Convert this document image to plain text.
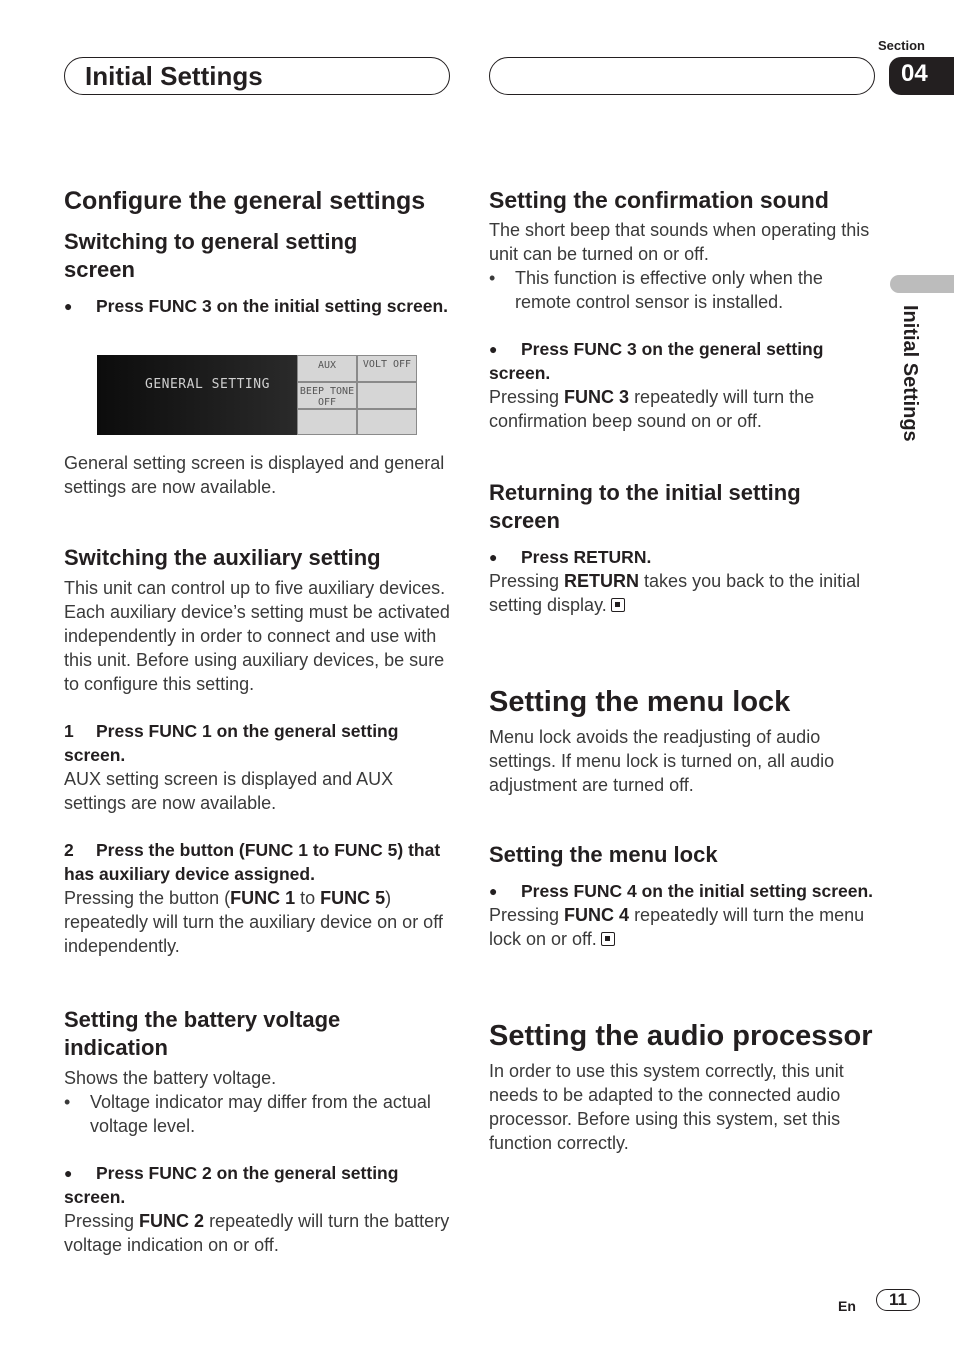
Initial Settings
Section
04
Initial Settings
Configure the general settings
Switching to general setting screen

● Press FUNC 3 on the initial setting screen.

GENERAL SETTING
AUX	VOLT OFF
BEEP TONE OFF

General setting screen is displayed and general settings are now available.

Switching the auxiliary setting

This unit can control up to five auxiliary devices. Each auxiliary device’s setting must be activated independently in order to connect and use with this unit. Before using auxiliary devices, be sure to configure this setting.

1 Press FUNC 1 on the general setting screen.

AUX setting screen is displayed and AUX settings are now available.

2 Press the button (FUNC 1 to FUNC 5) that has auxiliary device assigned.

Pressing the button (FUNC 1 to FUNC 5) repeatedly will turn the auxiliary device on or off independently.

Setting the battery voltage indication

Shows the battery voltage.

•	Voltage indicator may differ from the actual voltage level.

● Press FUNC 2 on the general setting screen.

Pressing FUNC 2 repeatedly will turn the battery voltage indication on or off.

Setting the confirmation sound

The short beep that sounds when operating this unit can be turned on or off.

•	This function is effective only when the remote control sensor is installed.

● Press FUNC 3 on the general setting screen.

Pressing FUNC 3 repeatedly will turn the confirmation beep sound on or off.

Returning to the initial setting screen

● Press RETURN.

Pressing RETURN takes you back to the initial setting display.

Setting the menu lock

Menu lock avoids the readjusting of audio settings. If menu lock is turned on, all audio adjustment are turned off.

Setting the menu lock

● Press FUNC 4 on the initial setting screen.

Pressing FUNC 4 repeatedly will turn the menu lock on or off.

Setting the audio processor

In order to use this system correctly, this unit needs to be adapted to the connected audio processor. Before using this system, set this function correctly.

En	11
